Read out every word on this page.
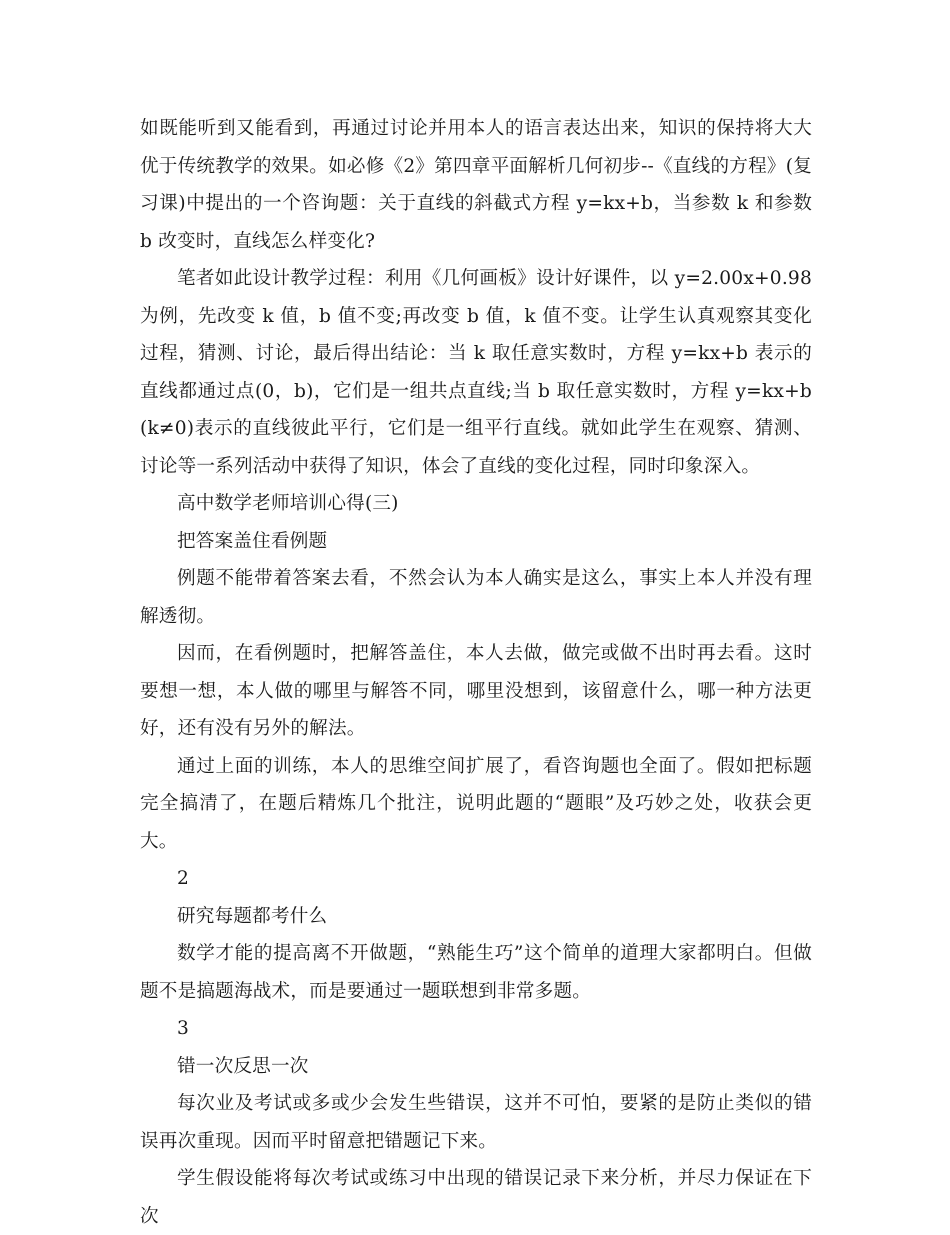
如既能听到又能看到，再通过讨论并用本人的语言表达出来，知识的保持将大大优于传统教学的效果。如必修《2》第四章平面解析几何初步--《直线的方程》(复习课)中提出的一个咨询题：关于直线的斜截式方程 y=kx+b，当参数 k 和参数 b 改变时，直线怎么样变化?

笔者如此设计教学过程：利用《几何画板》设计好课件，以 y=2.00x+0.98 为例，先改变 k 值，b 值不变;再改变 b 值，k 值不变。让学生认真观察其变化过程，猜测、讨论，最后得出结论：当 k 取任意实数时，方程 y=kx+b 表示的直线都通过点(0，b)，它们是一组共点直线;当 b 取任意实数时，方程 y=kx+b(k≠0)表示的直线彼此平行，它们是一组平行直线。就如此学生在观察、猜测、讨论等一系列活动中获得了知识，体会了直线的变化过程，同时印象深入。

高中数学老师培训心得(三)

把答案盖住看例题

例题不能带着答案去看，不然会认为本人确实是这么，事实上本人并没有理解透彻。

因而，在看例题时，把解答盖住，本人去做，做完或做不出时再去看。这时要想一想，本人做的哪里与解答不同，哪里没想到，该留意什么，哪一种方法更好，还有没有另外的解法。

通过上面的训练，本人的思维空间扩展了，看咨询题也全面了。假如把标题完全搞清了，在题后精炼几个批注，说明此题的“题眼”及巧妙之处，收获会更大。

2

研究每题都考什么

数学才能的提高离不开做题，“熟能生巧”这个简单的道理大家都明白。但做题不是搞题海战术，而是要通过一题联想到非常多题。

3

错一次反思一次

每次业及考试或多或少会发生些错误，这并不可怕，要紧的是防止类似的错误再次重现。因而平时留意把错题记下来。

学生假设能将每次考试或练习中出现的错误记录下来分析，并尽力保证在下次
